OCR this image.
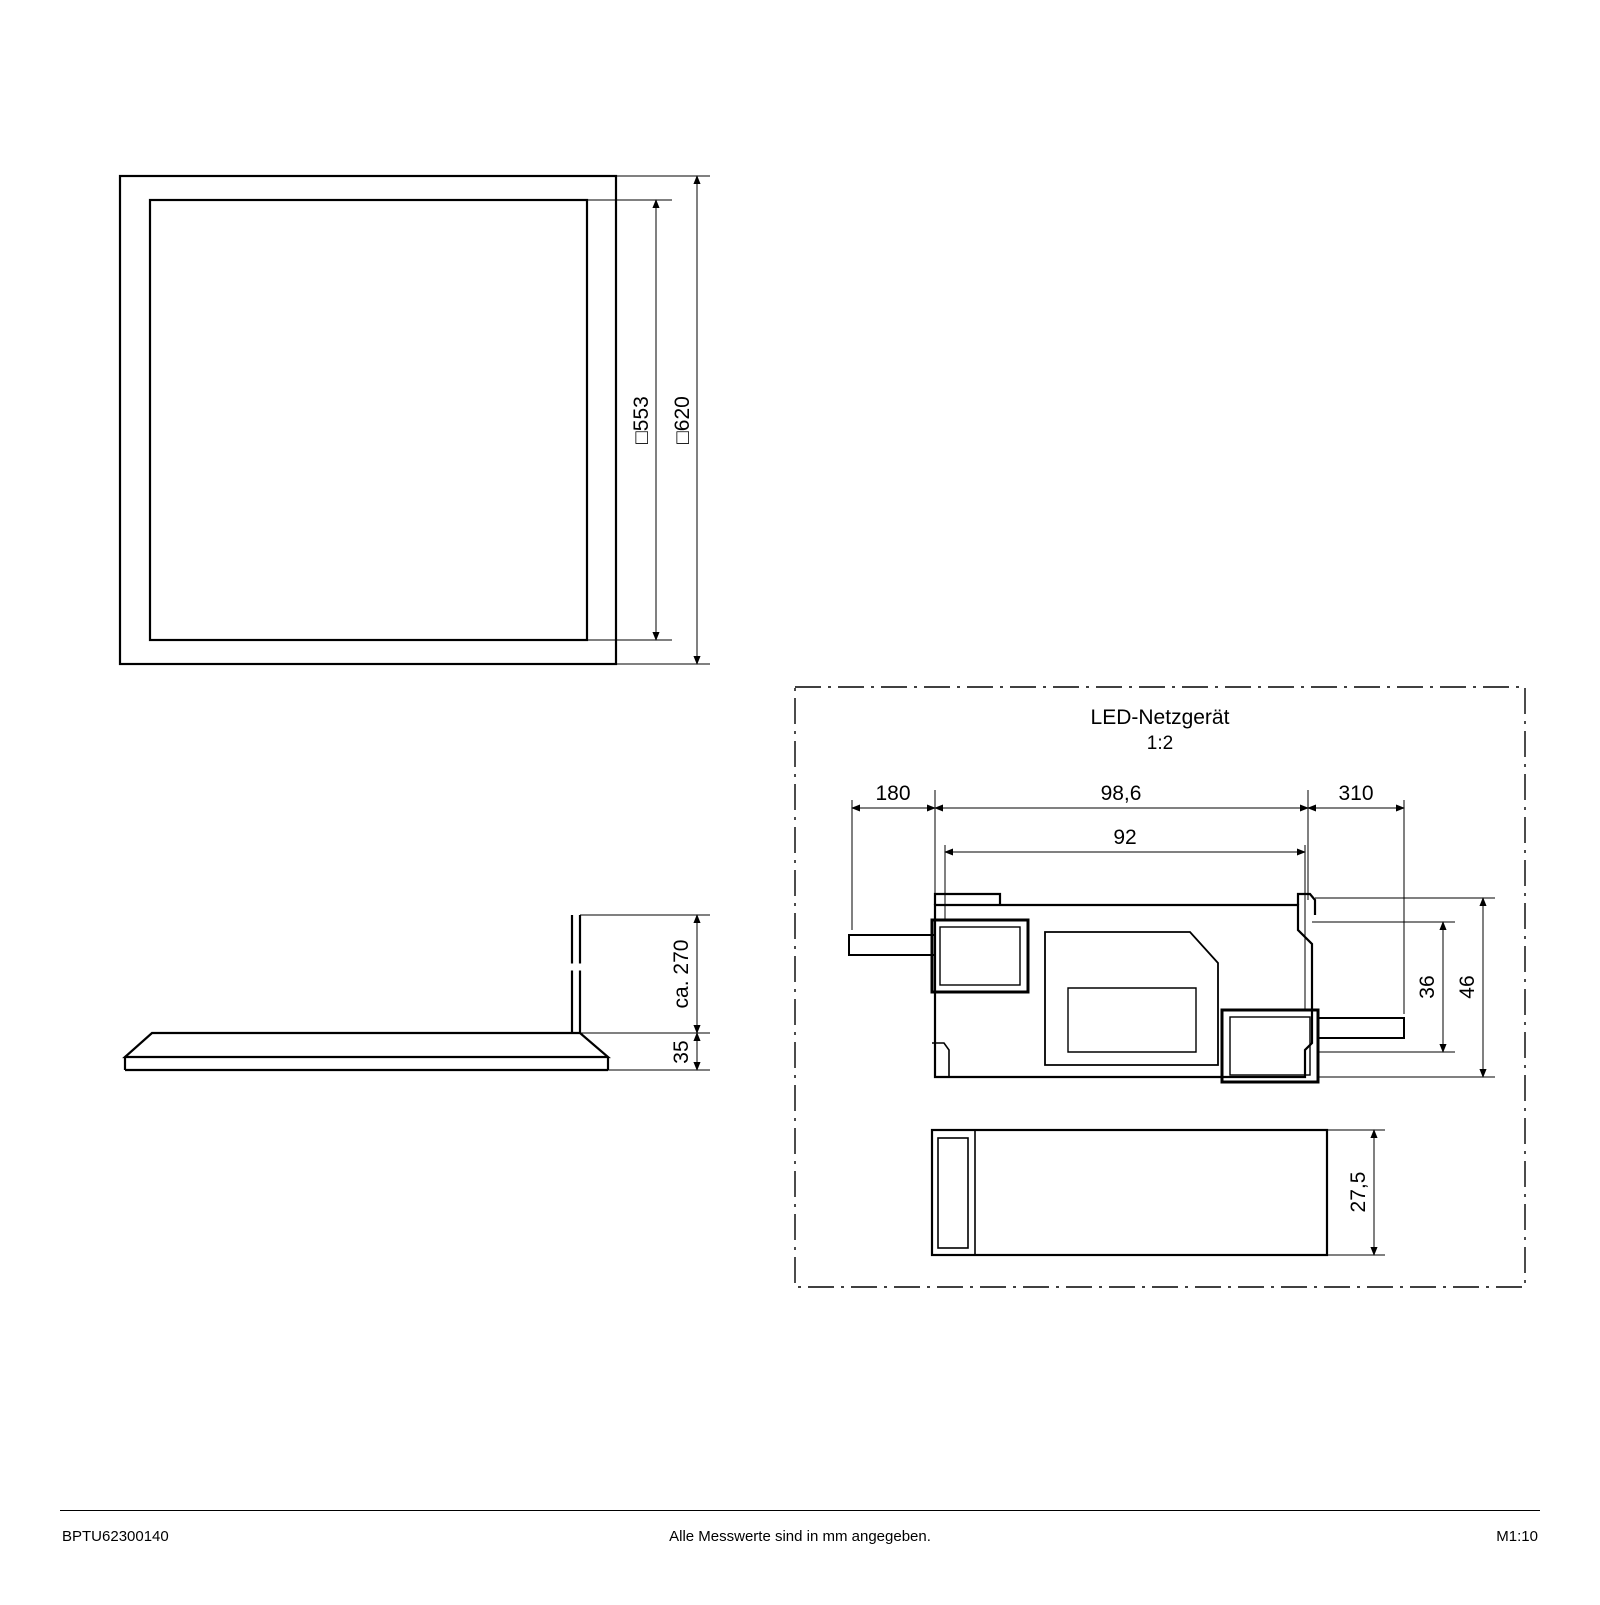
□553 □620
ca. 270
35
LED-Netzgerät
1:2
180	98,6	310
92
36 46
27,5
BPTU62300140	Alle Messwerte sind in mm angegeben.	M1:10
